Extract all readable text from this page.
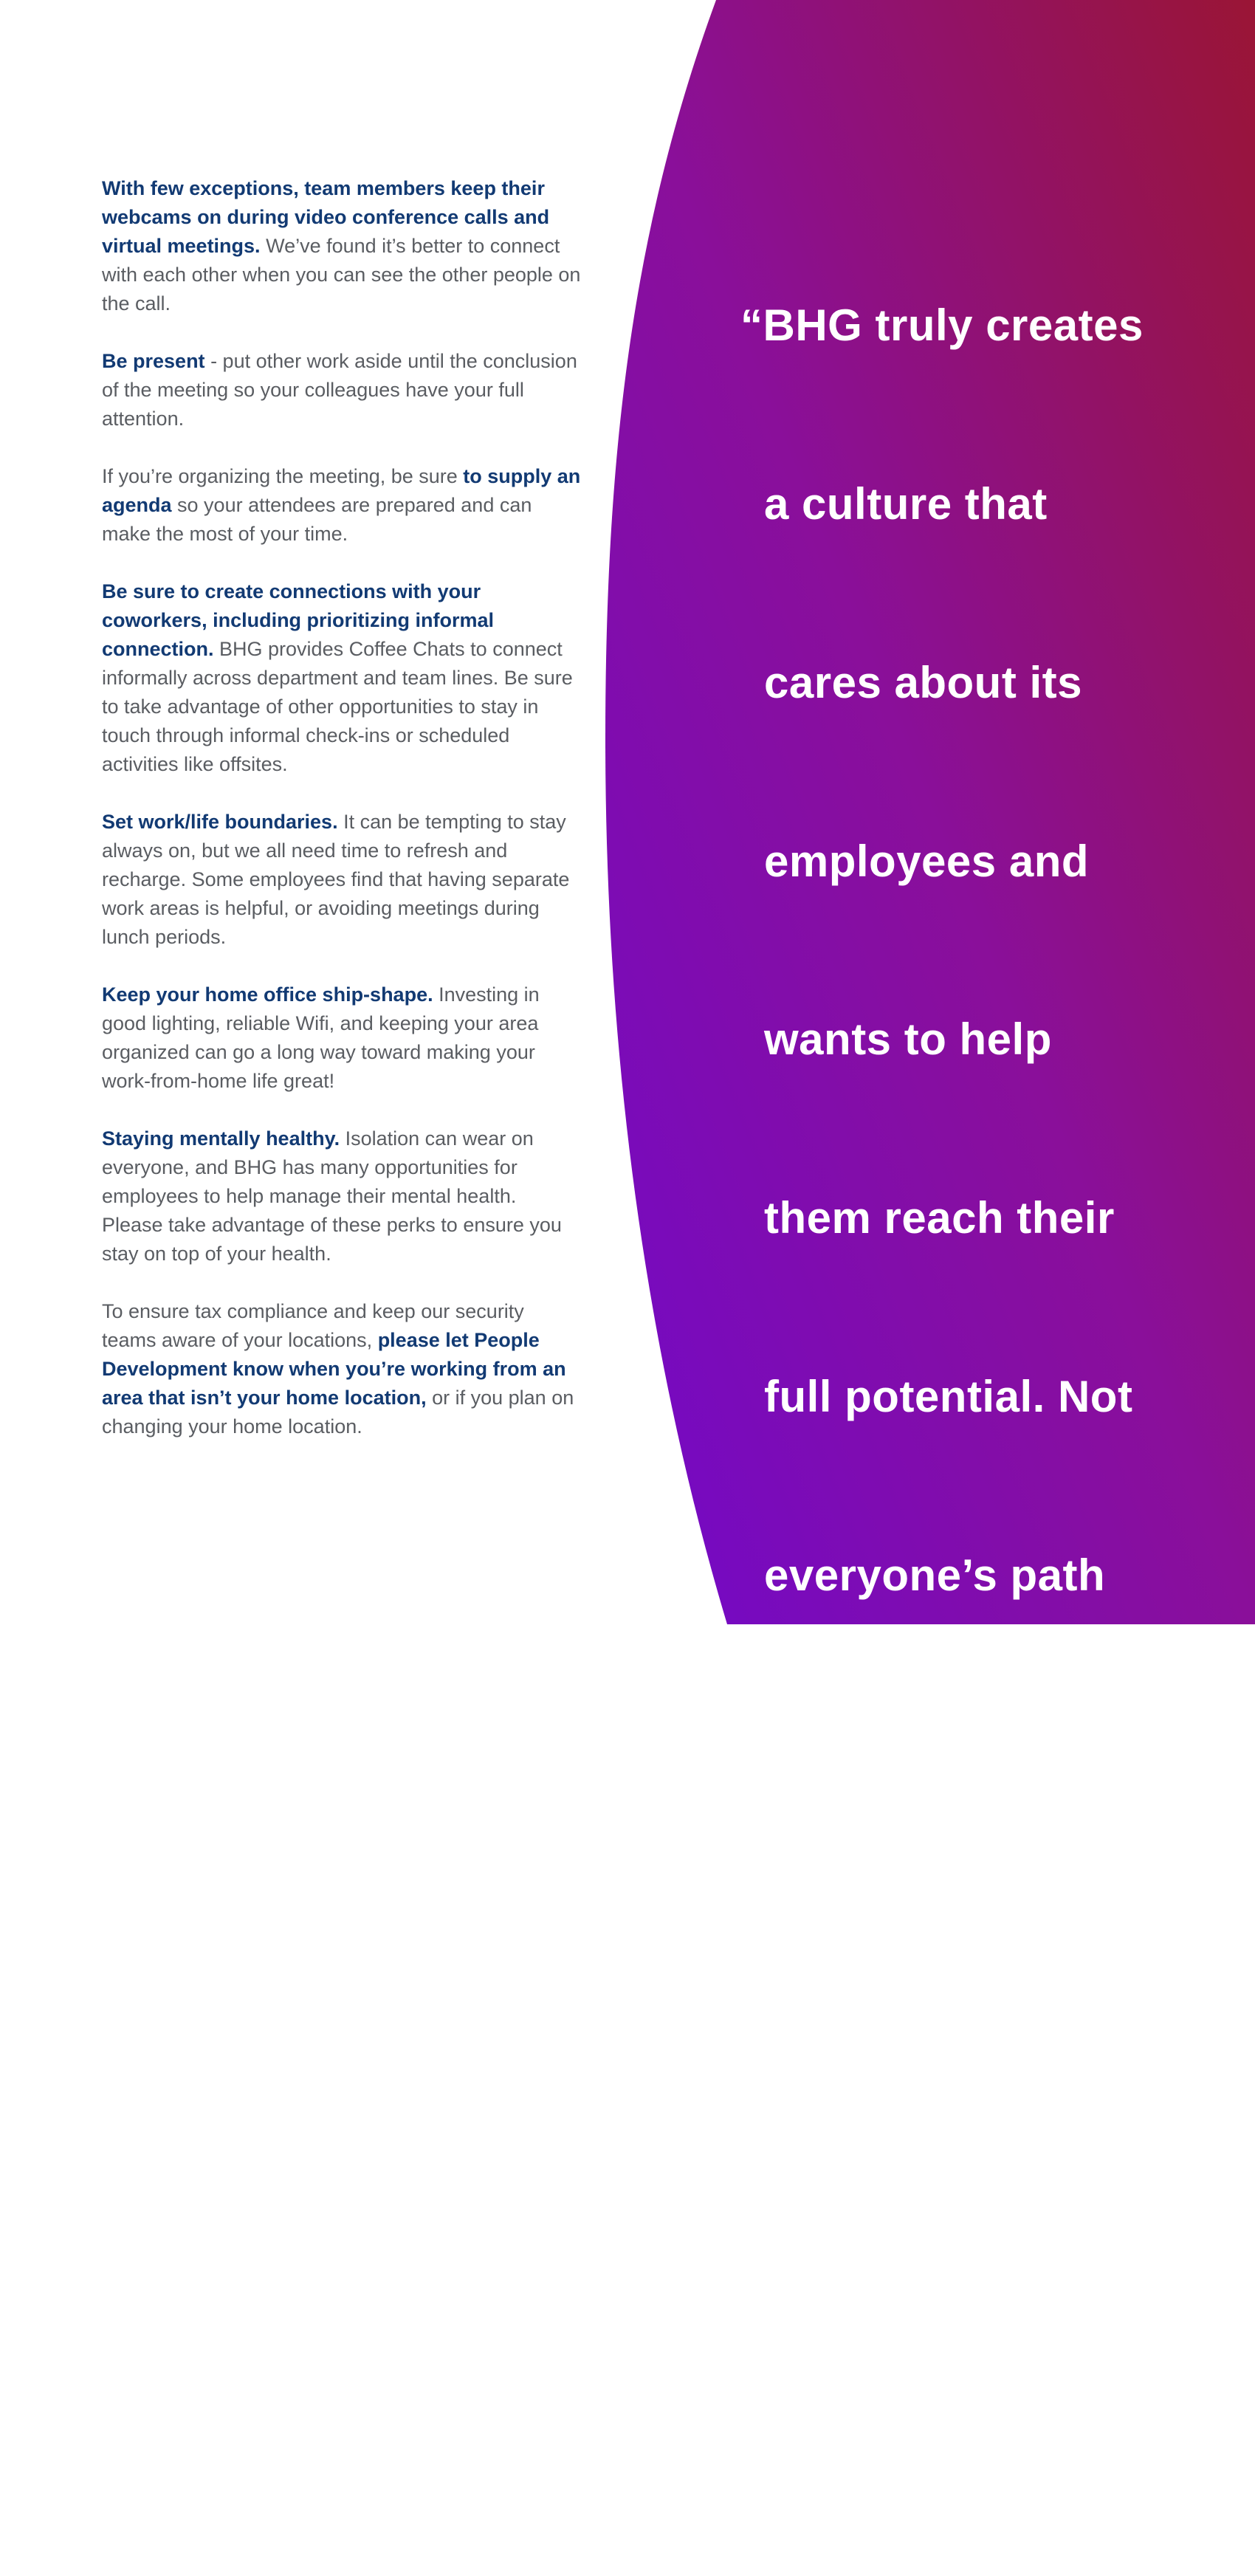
With few exceptions, team members keep their webcams on during video conference calls and virtual meetings. We’ve found it’s better to connect with each other when you can see the other people on the call.

Be present - put other work aside until the conclusion of the meeting so your colleagues have your full attention.

If you’re organizing the meeting, be sure to supply an agenda so your attendees are prepared and can make the most of your time.

Be sure to create connections with your coworkers, including prioritizing informal connection. BHG provides Coffee Chats to connect informally across department and team lines. Be sure to take advantage of other opportunities to stay in touch through informal check-ins or scheduled activities like offsites.

Set work/life boundaries. It can be tempting to stay always on, but we all need time to refresh and recharge. Some employees find that having separate work areas is helpful, or avoiding meetings during lunch periods.

Keep your home office ship-shape. Investing in good lighting, reliable Wifi, and keeping your area organized can go a long way toward making your work-from-home life great!

Staying mentally healthy. Isolation can wear on everyone, and BHG has many opportunities for employees to help manage their mental health. Please take advantage of these perks to ensure you stay on top of your health.

To ensure tax compliance and keep our security teams aware of your locations, please let People Development know when you’re working from an area that isn’t your home location, or if you plan on changing your home location.

“BHG truly creates

a culture that

cares about its

employees and

wants to help

them reach their

full potential. Not

everyone’s path

is the same and

BHG really wants

to help you figure

it out – together!.”

Nikki Dixon
Sr Mgr, Data Partnerships
